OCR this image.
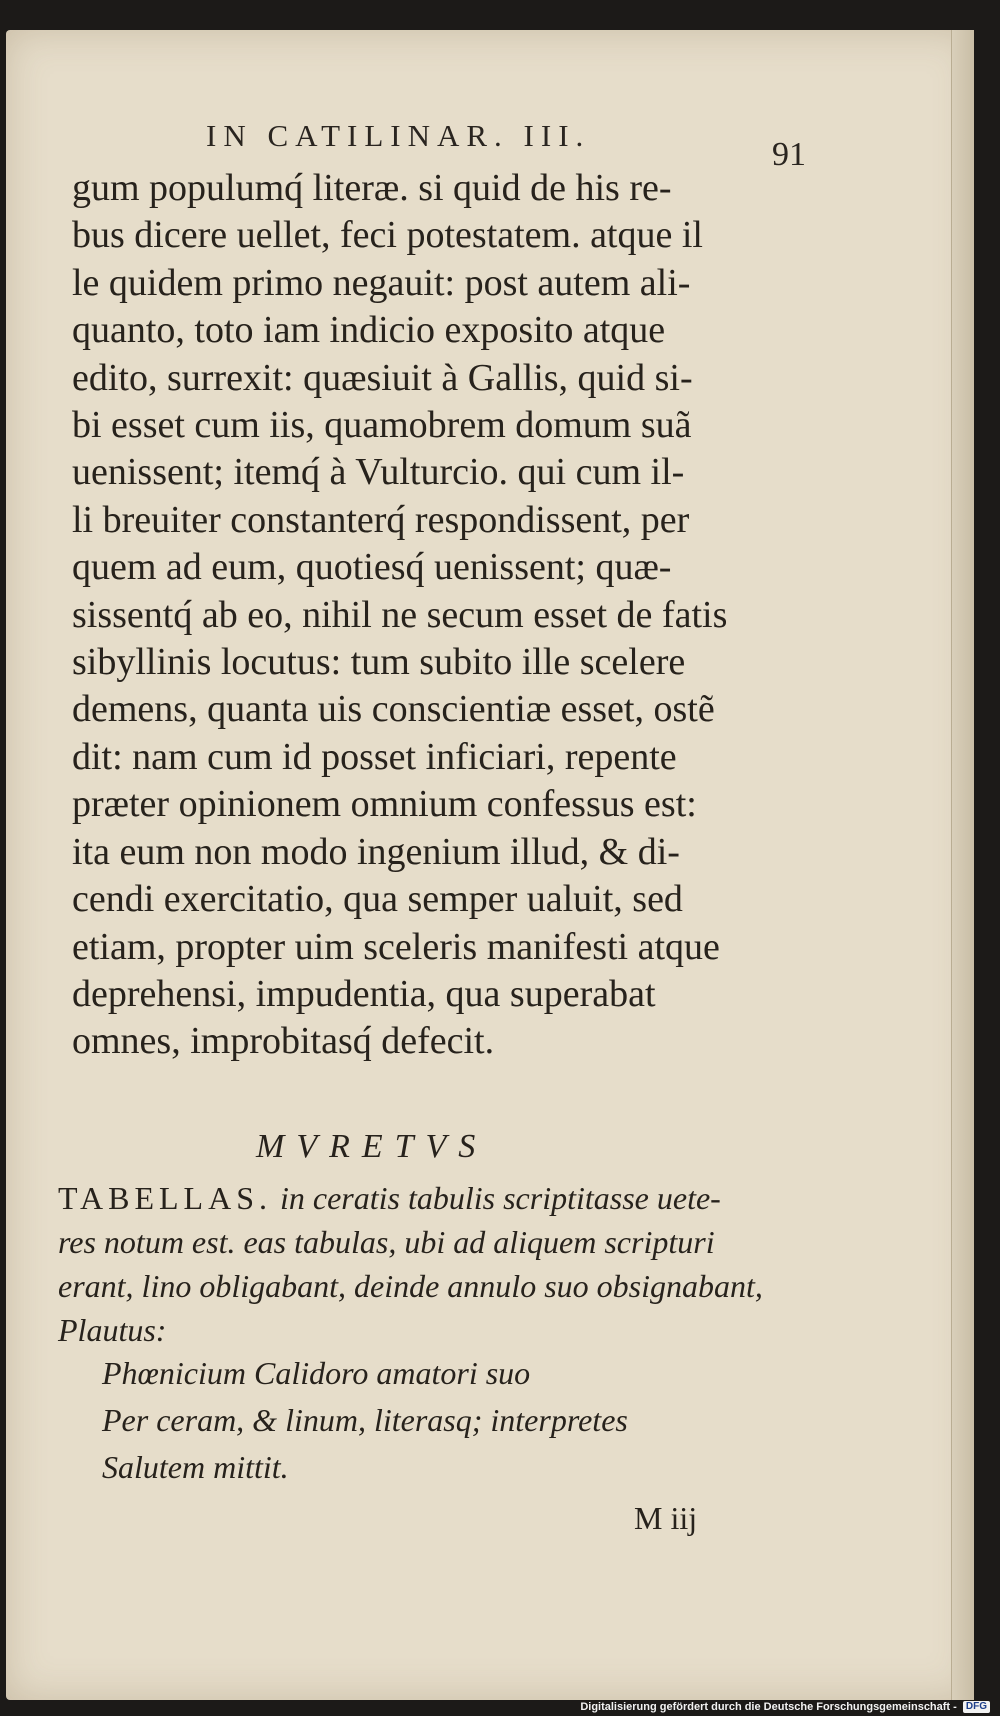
IN CATILINAR. III.
91
gum populumq́ literæ. si quid de his re-
bus dicere uellet, feci potestatem. atque il
le quidem primo negauit: post autem ali-
quanto, toto iam indicio exposito atque
edito, surrexit: quæsiuit à Gallis, quid si-
bi esset cum iis, quamobrem domum suã
uenissent; itemq́ à Vulturcio. qui cum il-
li breuiter constanterq́ respondissent, per
quem ad eum, quotiesq́ uenissent; quæ-
sissentq́ ab eo, nihil ne secum esset de fatis
sibyllinis locutus: tum subito ille scelere
demens, quanta uis conscientiæ esset, ostẽ
dit: nam cum id posset inficiari, repente
præter opinionem omnium confessus est:
ita eum non modo ingenium illud, & di-
cendi exercitatio, qua semper ualuit, sed
etiam, propter uim sceleris manifesti atque
deprehensi, impudentia, qua superabat
omnes, improbitasq́ defecit.
MVRETVS
TABELLAS. in ceratis tabulis scriptitasse uete-
res notum est. eas tabulas, ubi ad aliquem scripturi
erant, lino obligabant, deinde annulo suo obsignabant,
Plautus:
Phœnicium Calidoro amatori suo
Per ceram, & linum, literasq; interpretes
Salutem mittit.
M iij
Digitalisierung gefördert durch die Deutsche Forschungsgemeinschaft - DFG
